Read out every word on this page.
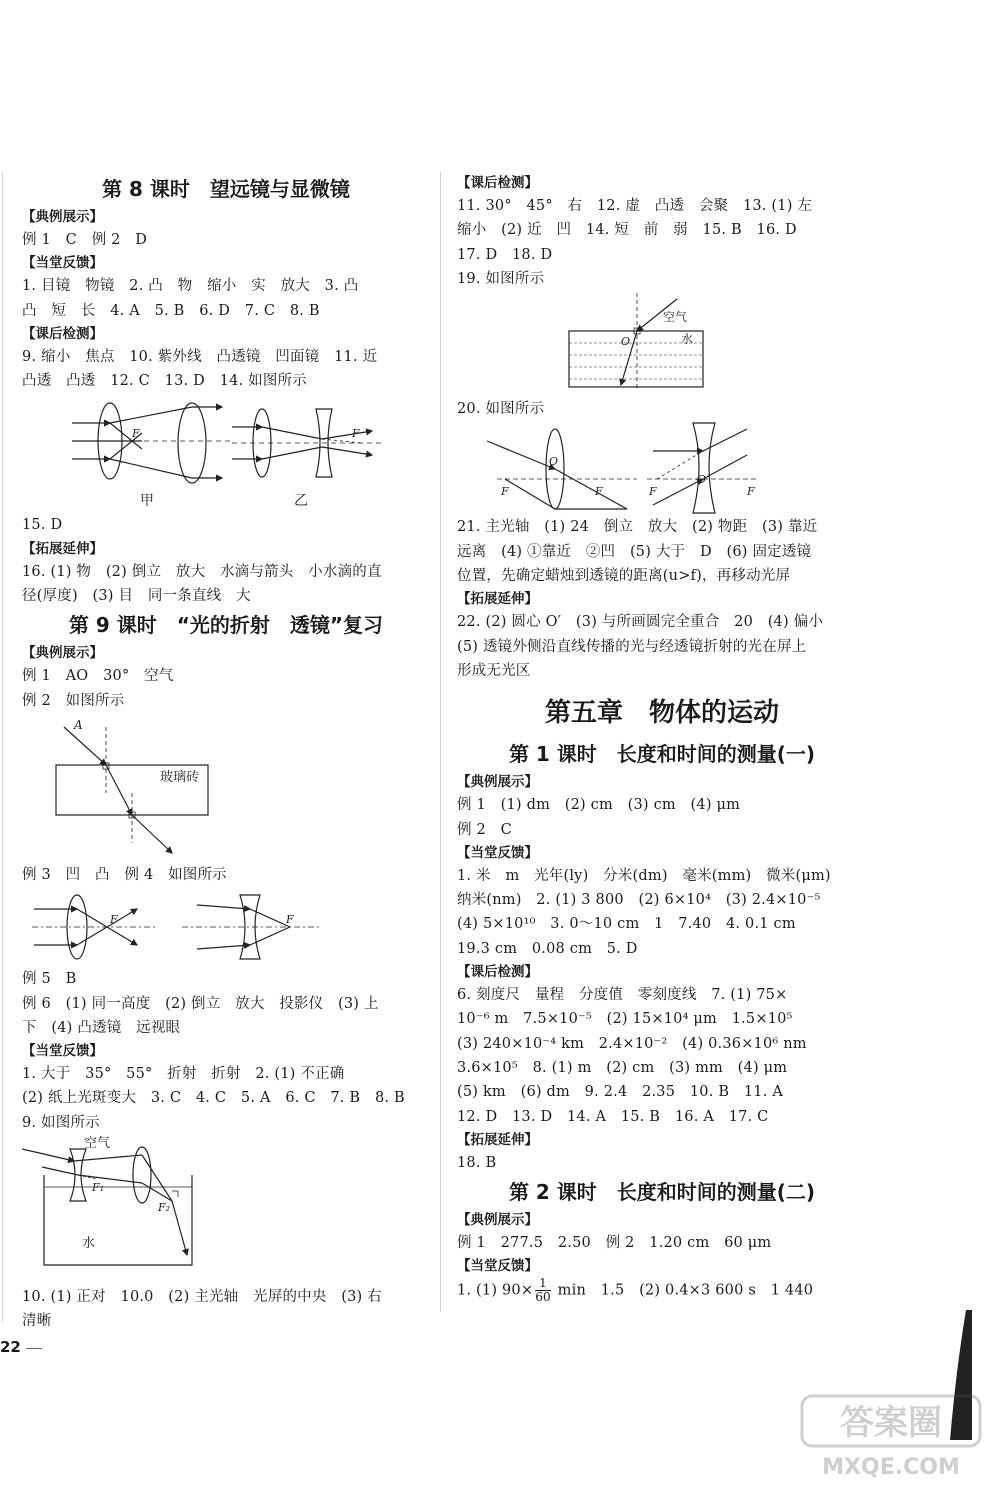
第 8 课时　望远镜与显微镜
【典例展示】
例 1　C　例 2　D
【当堂反馈】
1. 目镜　物镜　2. 凸　物　缩小　实　放大　3. 凸
凸　短　长　4. A　5. B　6. D　7. C　8. B
【课后检测】
9. 缩小　焦点　10. 紫外线　凸透镜　凹面镜　11. 近
凸透　凸透　12. C　13. D　14. 如图所示
F	F
甲	乙
15. D
【拓展延伸】
16. (1) 物　(2) 倒立　放大　水滴与箭头　小水滴的直
径(厚度)　(3) 目　同一条直线　大
第 9 课时　“光的折射　透镜”复习
【典例展示】
例 1　AO　30°　空气
例 2　如图所示
A
玻璃砖
例 3　凹　凸　例 4　如图所示
F	F
例 5　B
例 6　(1) 同一高度　(2) 倒立　放大　投影仪　(3) 上
下　(4) 凸透镜　远视眼
【当堂反馈】
1. 大于　35°　55°　折射　折射　2. (1) 不正确
(2) 纸上光斑变大　3. C　4. C　5. A　6. C　7. B　8. B
9. 如图所示
空气
F₁
F₂
水
10. (1) 正对　10.0　(2) 主光轴　光屏的中央　(3) 右
清晰
【课后检测】
11. 30°　45°　右　12. 虚　凸透　会聚　13. (1) 左
缩小　(2) 近　凹　14. 短　前　弱　15. B　16. D
17. D　18. D
19. 如图所示
空气
水
O
20. 如图所示
F	F
O
F
O
F
21. 主光轴　(1) 24　倒立　放大　(2) 物距　(3) 靠近
远离　(4) ①靠近　②凹　(5) 大于　D　(6) 固定透镜
位置，先确定蜡烛到透镜的距离(u>f)，再移动光屏
【拓展延伸】
22. (2) 圆心 O′　(3) 与所画圆完全重合　20　(4) 偏小
(5) 透镜外侧沿直线传播的光与经透镜折射的光在屏上
形成无光区
第五章　物体的运动
第 1 课时　长度和时间的测量(一)
【典例展示】
例 1　(1) dm　(2) cm　(3) cm　(4) μm
例 2　C
【当堂反馈】
1. 米　m　光年(ly)　分米(dm)　毫米(mm)　微米(μm)
纳米(nm)　2. (1) 3 800　(2) 6×10⁴　(3) 2.4×10⁻⁵
(4) 5×10¹⁰　3. 0～10 cm　1　7.40　4. 0.1 cm
19.3 cm　0.08 cm　5. D
【课后检测】
6. 刻度尺　量程　分度值　零刻度线　7. (1) 75×
10⁻⁶ m　7.5×10⁻⁵　(2) 15×10⁴ μm　1.5×10⁵
(3) 240×10⁻⁴ km　2.4×10⁻²　(4) 0.36×10⁶ nm
3.6×10⁵　8. (1) m　(2) cm　(3) mm　(4) μm
(5) km　(6) dm　9. 2.4　2.35　10. B　11. A
12. D　13. D　14. A　15. B　16. A　17. C
【拓展延伸】
18. B
第 2 课时　长度和时间的测量(二)
【典例展示】
例 1　277.5　2.50　例 2　1.20 cm　60 μm
【当堂反馈】
1. (1) $90\times \frac{1}{60}$ min　1.5　(2) 0.4×3 600 s　1 440
22
答案圈
MXQE.COM
